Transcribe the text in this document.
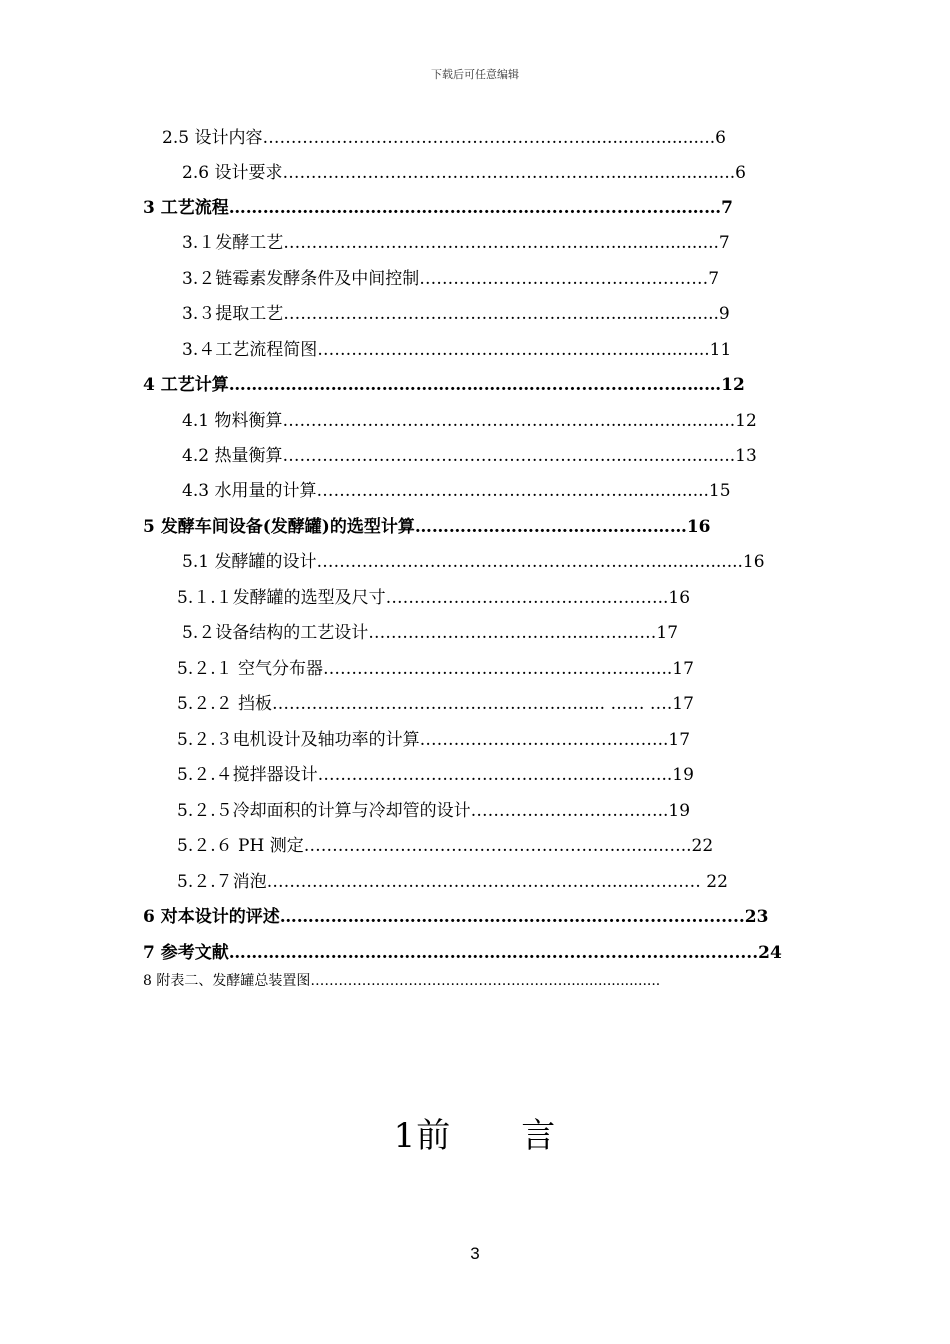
下载后可任意编辑
2.5 设计内容…………………………………………………........................6
2.6 设计要求…………………………………………………........................6
3 工艺流程…………………………………………………....................………7
3.１发酵工艺………………………………………………........................7
3.２链霉素发酵条件及中间控制……………………………………………7
3.３提取工艺………………………………………………........................9
3.４工艺流程简图………………………………………………................11
4 工艺计算…………………………………………………....................………12
4.1 物料衡算…………………………………………………........................12
4.2 热量衡算…………………………………………………........................13
4.3 水用量的计算………………………………………………................15
5 发酵车间设备(发酵罐)的选型计算…………………………………………16
5.1 发酵罐的设计……………………………………………………................16
5.１.１发酵罐的选型及尺寸…………………………………………..16
5.２设备结构的工艺设计………………………………...…………17
5.２.１ 空气分布器………………………………………………........17
5.２.２ 挡板………………………………………………..... …… ….17
5.２.３电机设计及轴功率的计算……………………………………..17
5.２.４搅拌器设计……………………………………………….........19
5.２.５冷却面积的计算与冷却管的设计……………………………..19
5.２.６ PH 测定………………………………………………..........…..22
5.２.７消泡……………………………………………………........……… 22
6 对本设计的评述…………………………………………………........................23
7 参考文献…………………………………………………........................…........24
8 附表二、发酵罐总装置图………………………………………………......................
1前　　言
3
